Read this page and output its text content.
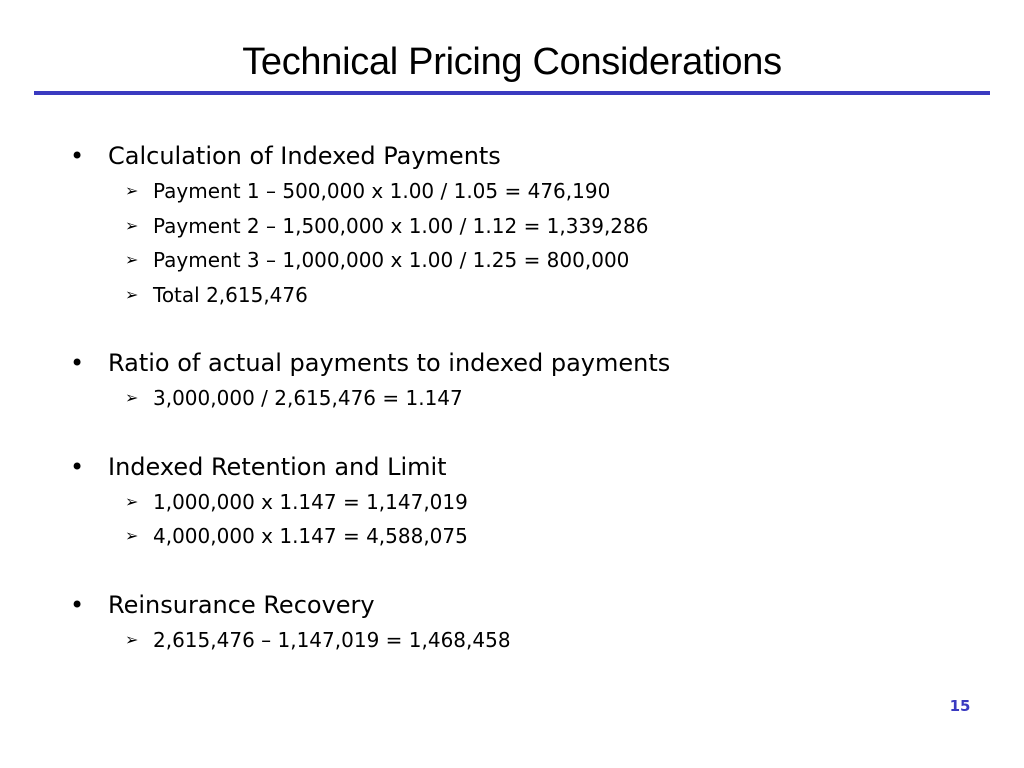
Technical Pricing Considerations
• Calculation of Indexed Payments
➢ Payment 1 – 500,000 x 1.00 / 1.05 = 476,190
➢ Payment 2 – 1,500,000 x 1.00 / 1.12 = 1,339,286
➢ Payment 3 – 1,000,000 x 1.00 / 1.25 = 800,000
➢ Total 2,615,476
• Ratio of actual payments to indexed payments
➢ 3,000,000 / 2,615,476 = 1.147
• Indexed Retention and Limit
➢ 1,000,000 x 1.147 = 1,147,019
➢ 4,000,000 x 1.147 = 4,588,075
• Reinsurance Recovery
➢ 2,615,476 – 1,147,019 = 1,468,458
15
